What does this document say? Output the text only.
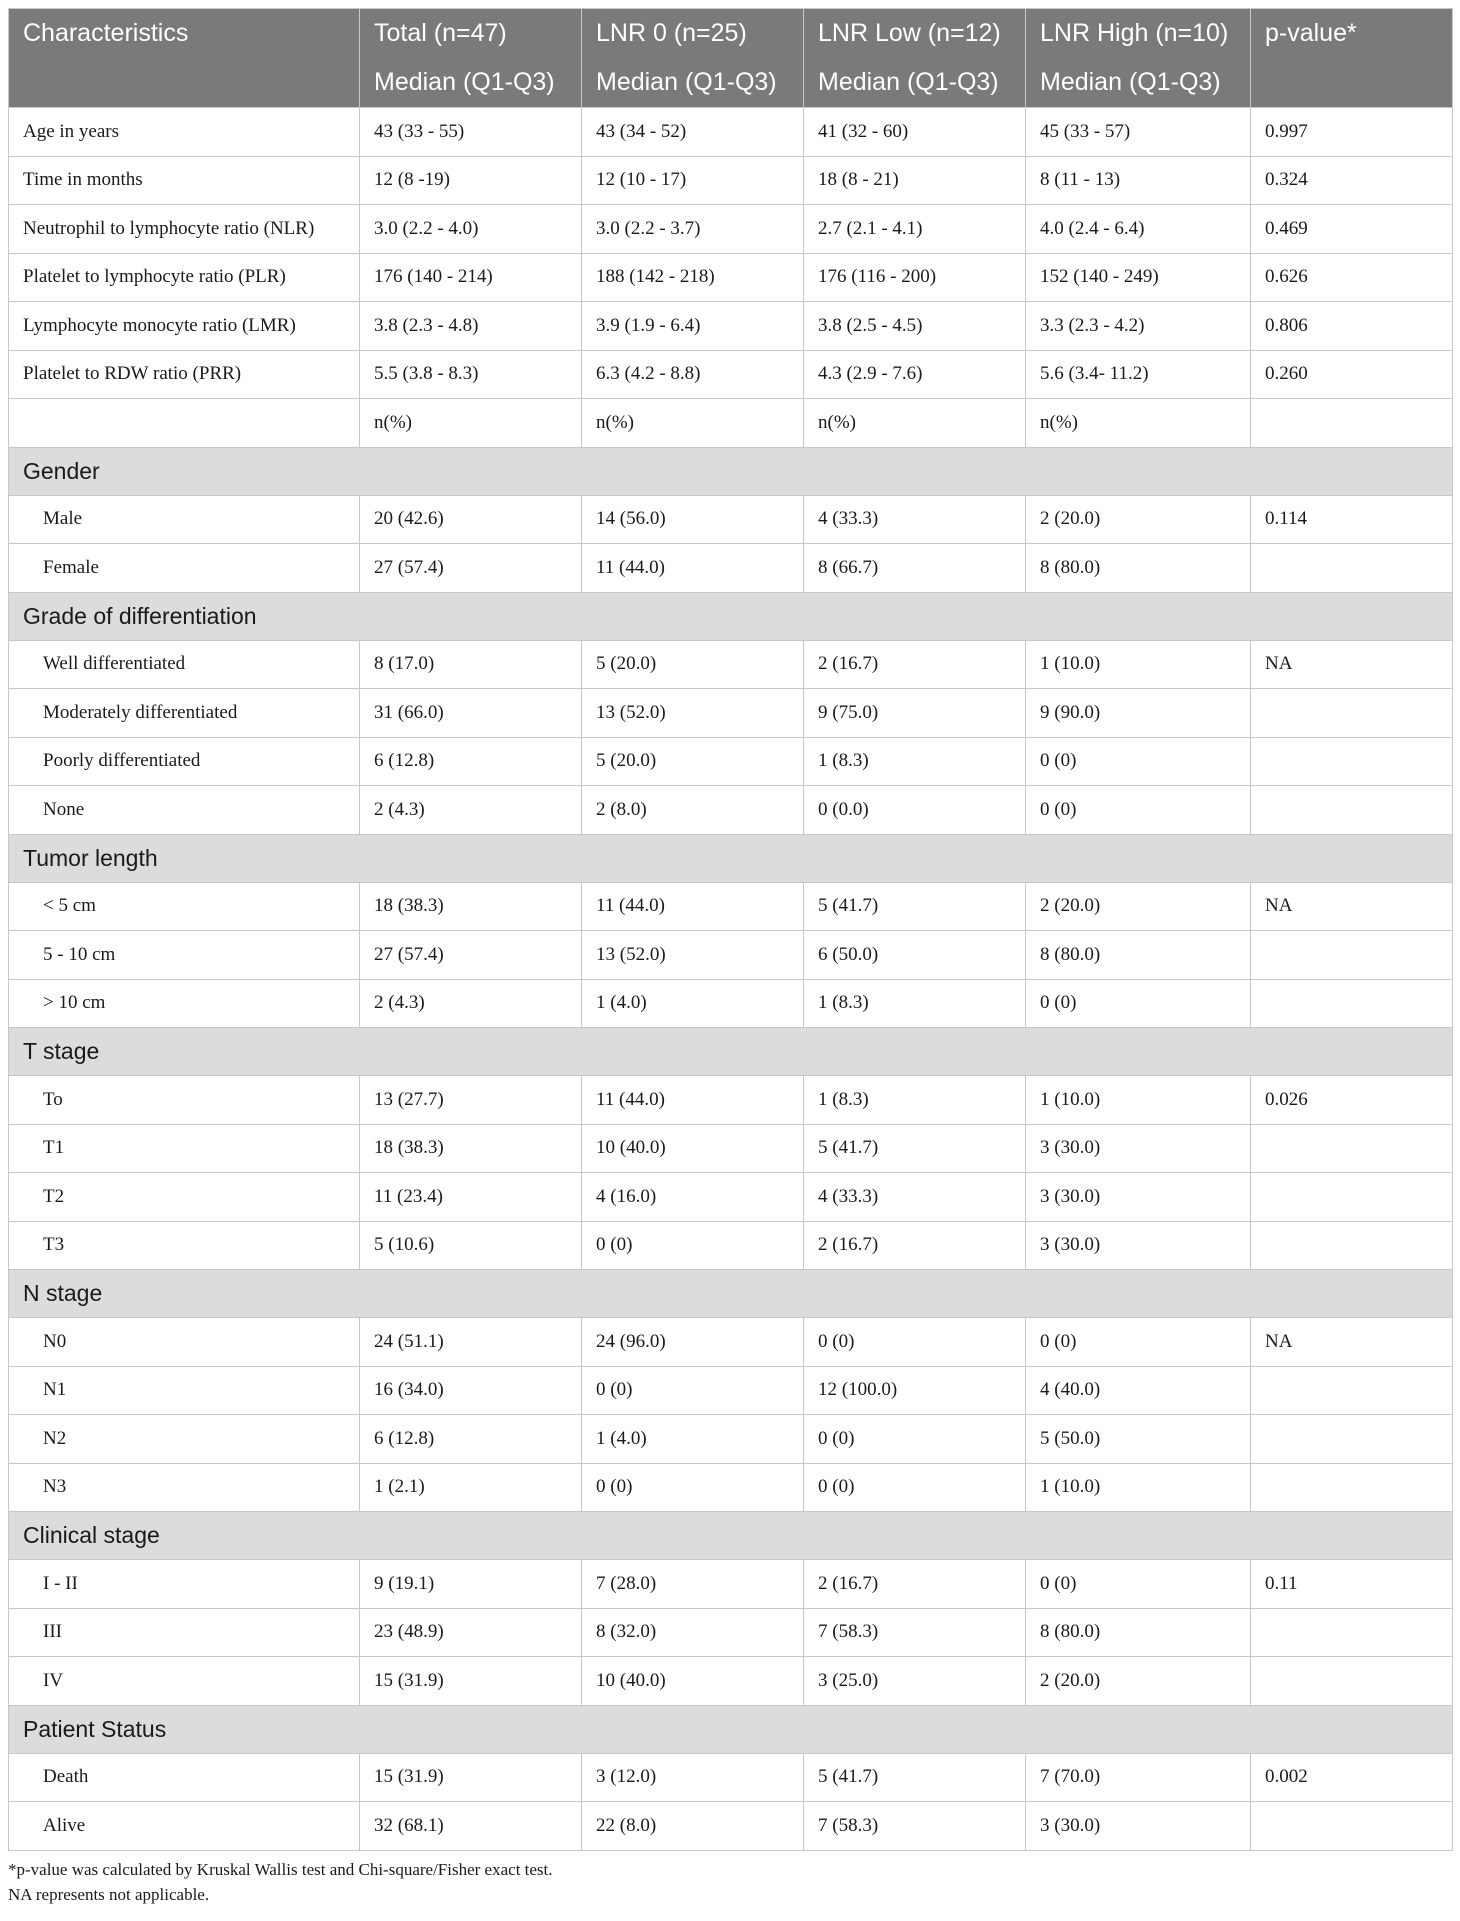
Characteristics	Total (n=47)	LNR 0 (n=25)	LNR Low (n=12)	LNR High (n=10)	p-value*
	Median (Q1-Q3)	Median (Q1-Q3)	Median (Q1-Q3)	Median (Q1-Q3)	
Age in years	43 (33 - 55)	43 (34 - 52)	41 (32 - 60)	45 (33 - 57)	0.997
Time in months	12 (8 -19)	12 (10 - 17)	18 (8 - 21)	8 (11 - 13)	0.324
Neutrophil to lymphocyte ratio (NLR)	3.0 (2.2 - 4.0)	3.0 (2.2 - 3.7)	2.7 (2.1 - 4.1)	4.0 (2.4 - 6.4)	0.469
Platelet to lymphocyte ratio (PLR)	176 (140 - 214)	188 (142 - 218)	176 (116 - 200)	152 (140 - 249)	0.626
Lymphocyte monocyte ratio (LMR)	3.8 (2.3 - 4.8)	3.9 (1.9 - 6.4)	3.8 (2.5 - 4.5)	3.3 (2.3 - 4.2)	0.806
Platelet to RDW ratio (PRR)	5.5 (3.8 - 8.3)	6.3 (4.2 - 8.8)	4.3 (2.9 - 7.6)	5.6 (3.4- 11.2)	0.260
	n(%)	n(%)	n(%)	n(%)	
Gender					
Male	20 (42.6)	14 (56.0)	4 (33.3)	2 (20.0)	0.114
Female	27 (57.4)	11 (44.0)	8 (66.7)	8 (80.0)	
Grade of differentiation					
Well differentiated	8 (17.0)	5 (20.0)	2 (16.7)	1 (10.0)	NA
Moderately differentiated	31 (66.0)	13 (52.0)	9 (75.0)	9 (90.0)	
Poorly differentiated	6 (12.8)	5 (20.0)	1 (8.3)	0 (0)	
None	2 (4.3)	2 (8.0)	0 (0.0)	0 (0)	
Tumor length					
< 5 cm	18 (38.3)	11 (44.0)	5 (41.7)	2 (20.0)	NA
5 - 10 cm	27 (57.4)	13 (52.0)	6 (50.0)	8 (80.0)	
> 10 cm	2 (4.3)	1 (4.0)	1 (8.3)	0 (0)	
T stage					
To	13 (27.7)	11 (44.0)	1 (8.3)	1 (10.0)	0.026
T1	18 (38.3)	10 (40.0)	5 (41.7)	3 (30.0)	
T2	11 (23.4)	4 (16.0)	4 (33.3)	3 (30.0)	
T3	5 (10.6)	0 (0)	2 (16.7)	3 (30.0)	
N stage					
N0	24 (51.1)	24 (96.0)	0 (0)	0 (0)	NA
N1	16 (34.0)	0 (0)	12 (100.0)	4 (40.0)	
N2	6 (12.8)	1 (4.0)	0 (0)	5 (50.0)	
N3	1 (2.1)	0 (0)	0 (0)	1 (10.0)	
Clinical stage					
I - II	9 (19.1)	7 (28.0)	2 (16.7)	0 (0)	0.11
III	23 (48.9)	8 (32.0)	7 (58.3)	8 (80.0)	
IV	15 (31.9)	10 (40.0)	3 (25.0)	2 (20.0)	
Patient Status					
Death	15 (31.9)	3 (12.0)	5 (41.7)	7 (70.0)	0.002
Alive	32 (68.1)	22 (8.0)	7 (58.3)	3 (30.0)	
*p-value was calculated by Kruskal Wallis test and Chi-square/Fisher exact test.
NA represents not applicable.
